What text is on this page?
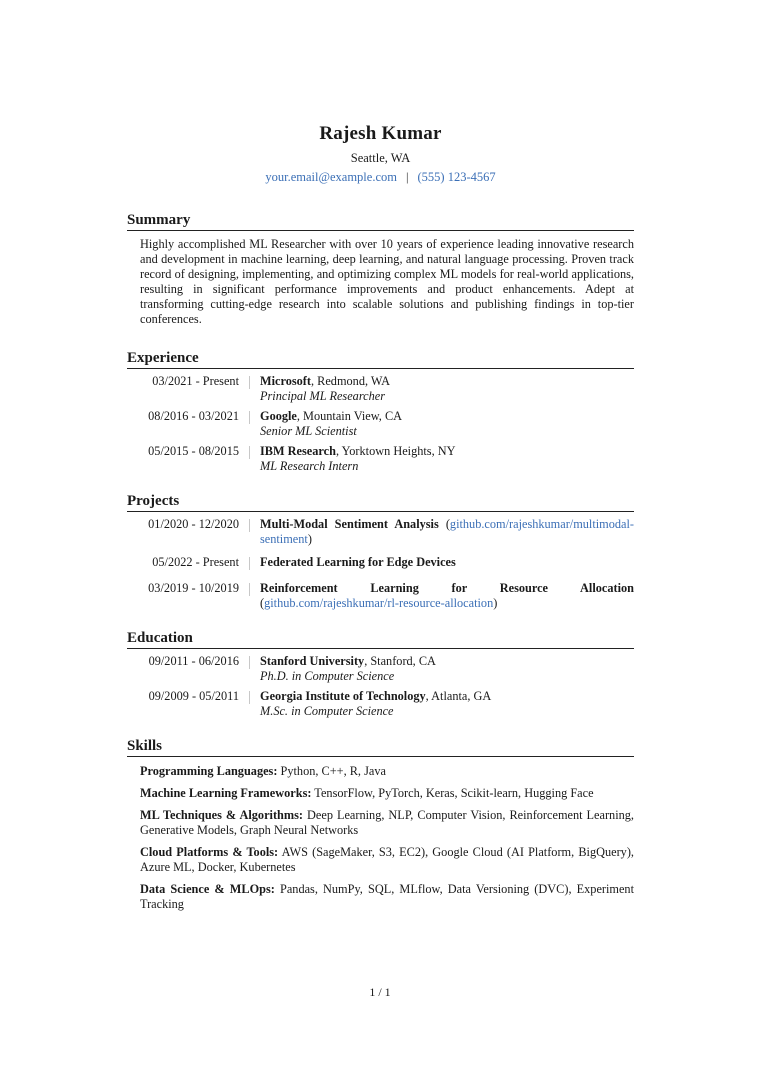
Rajesh Kumar
Seattle, WA
your.email@example.com | (555) 123-4567
Summary
Highly accomplished ML Researcher with over 10 years of experience leading innovative research and development in machine learning, deep learning, and natural language processing. Proven track record of designing, implementing, and optimizing complex ML models for real-world applications, resulting in significant performance improvements and product enhancements. Adept at transforming cutting-edge research into scalable solutions and publishing findings in top-tier conferences.
Experience
03/2021 - Present Microsoft, Redmond, WA
Principal ML Researcher
08/2016 - 03/2021 Google, Mountain View, CA
Senior ML Scientist
05/2015 - 08/2015 IBM Research, Yorktown Heights, NY
ML Research Intern
Projects
01/2020 - 12/2020 Multi-Modal Sentiment Analysis (github.com/rajeshkumar/multimodal-sentiment)
05/2022 - Present Federated Learning for Edge Devices
03/2019 - 10/2019 Reinforcement Learning for Resource Allocation (github.com/rajeshkumar/rl-resource-allocation)
Education
09/2011 - 06/2016 Stanford University, Stanford, CA
Ph.D. in Computer Science
09/2009 - 05/2011 Georgia Institute of Technology, Atlanta, GA
M.Sc. in Computer Science
Skills
Programming Languages: Python, C++, R, Java
Machine Learning Frameworks: TensorFlow, PyTorch, Keras, Scikit-learn, Hugging Face
ML Techniques & Algorithms: Deep Learning, NLP, Computer Vision, Reinforcement Learning, Generative Models, Graph Neural Networks
Cloud Platforms & Tools: AWS (SageMaker, S3, EC2), Google Cloud (AI Platform, BigQuery), Azure ML, Docker, Kubernetes
Data Science & MLOps: Pandas, NumPy, SQL, MLflow, Data Versioning (DVC), Experiment Tracking
1 / 1
